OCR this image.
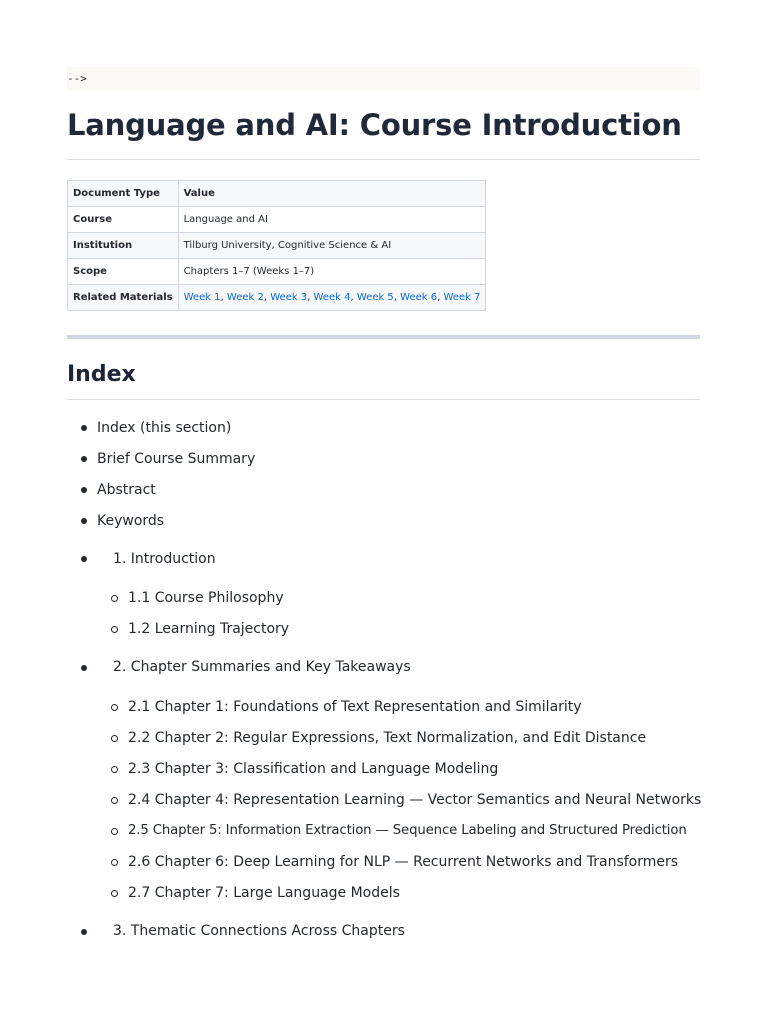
-->
Language and AI: Course Introduction
Document Type	Value
Course	Language and AI
Institution	Tilburg University, Cognitive Science & AI
Scope	Chapters 1–7 (Weeks 1–7)
Related Materials	Week 1, Week 2, Week 3, Week 4, Week 5, Week 6, Week 7
Index
Index (this section)
Brief Course Summary
Abstract
Keywords
1. Introduction
1.1 Course Philosophy
1.2 Learning Trajectory
2. Chapter Summaries and Key Takeaways
2.1 Chapter 1: Foundations of Text Representation and Similarity
2.2 Chapter 2: Regular Expressions, Text Normalization, and Edit Distance
2.3 Chapter 3: Classification and Language Modeling
2.4 Chapter 4: Representation Learning — Vector Semantics and Neural Networks
2.5 Chapter 5: Information Extraction — Sequence Labeling and Structured Prediction
2.6 Chapter 6: Deep Learning for NLP — Recurrent Networks and Transformers
2.7 Chapter 7: Large Language Models
3. Thematic Connections Across Chapters
